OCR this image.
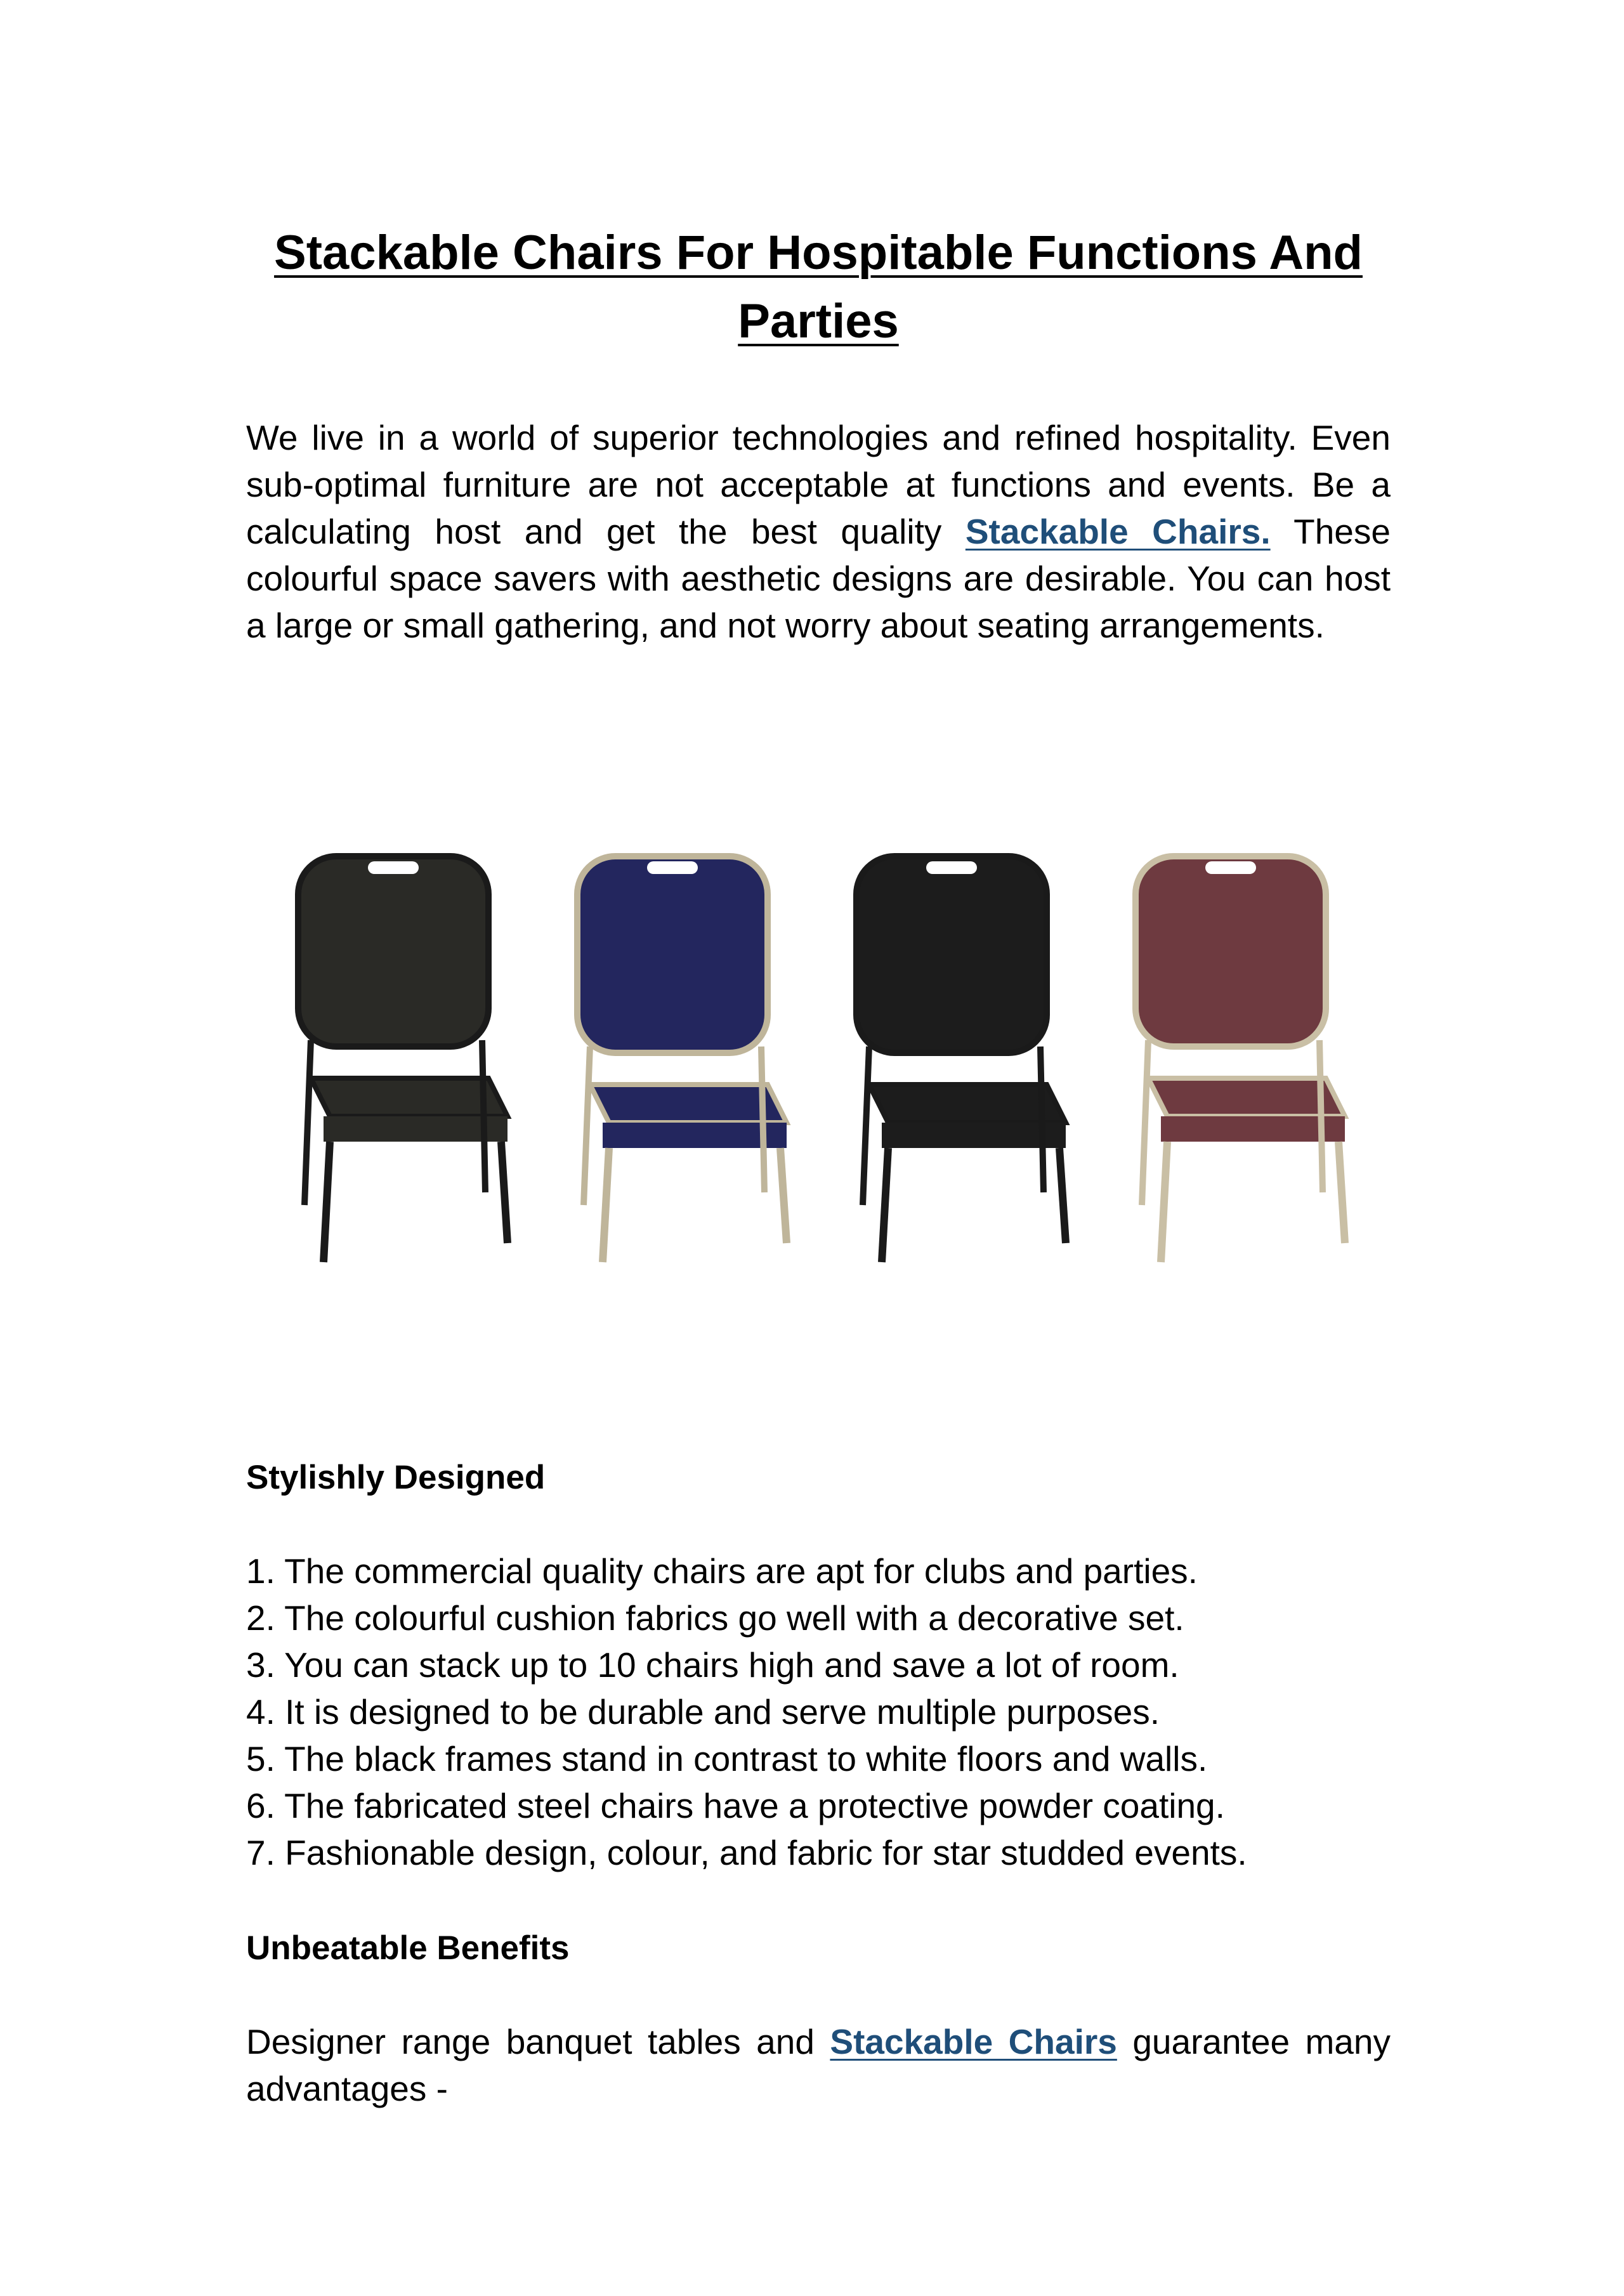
Stackable Chairs For Hospitable Functions And
Parties

We live in a world of superior technologies and refined hospitality. Even sub-optimal furniture are not acceptable at functions and events. Be a calculating host and get the best quality Stackable Chairs. These colourful space savers with aesthetic designs are desirable. You can host a large or small gathering, and not worry about seating arrangements.

Stylishly Designed
1. The commercial quality chairs are apt for clubs and parties.
2. The colourful cushion fabrics go well with a decorative set.
3. You can stack up to 10 chairs high and save a lot of room.
4. It is designed to be durable and serve multiple purposes.
5. The black frames stand in contrast to white floors and walls.
6. The fabricated steel chairs have a protective powder coating.
7. Fashionable design, colour, and fabric for star studded events.
Unbeatable Benefits

Designer range banquet tables and Stackable Chairs guarantee many advantages -
